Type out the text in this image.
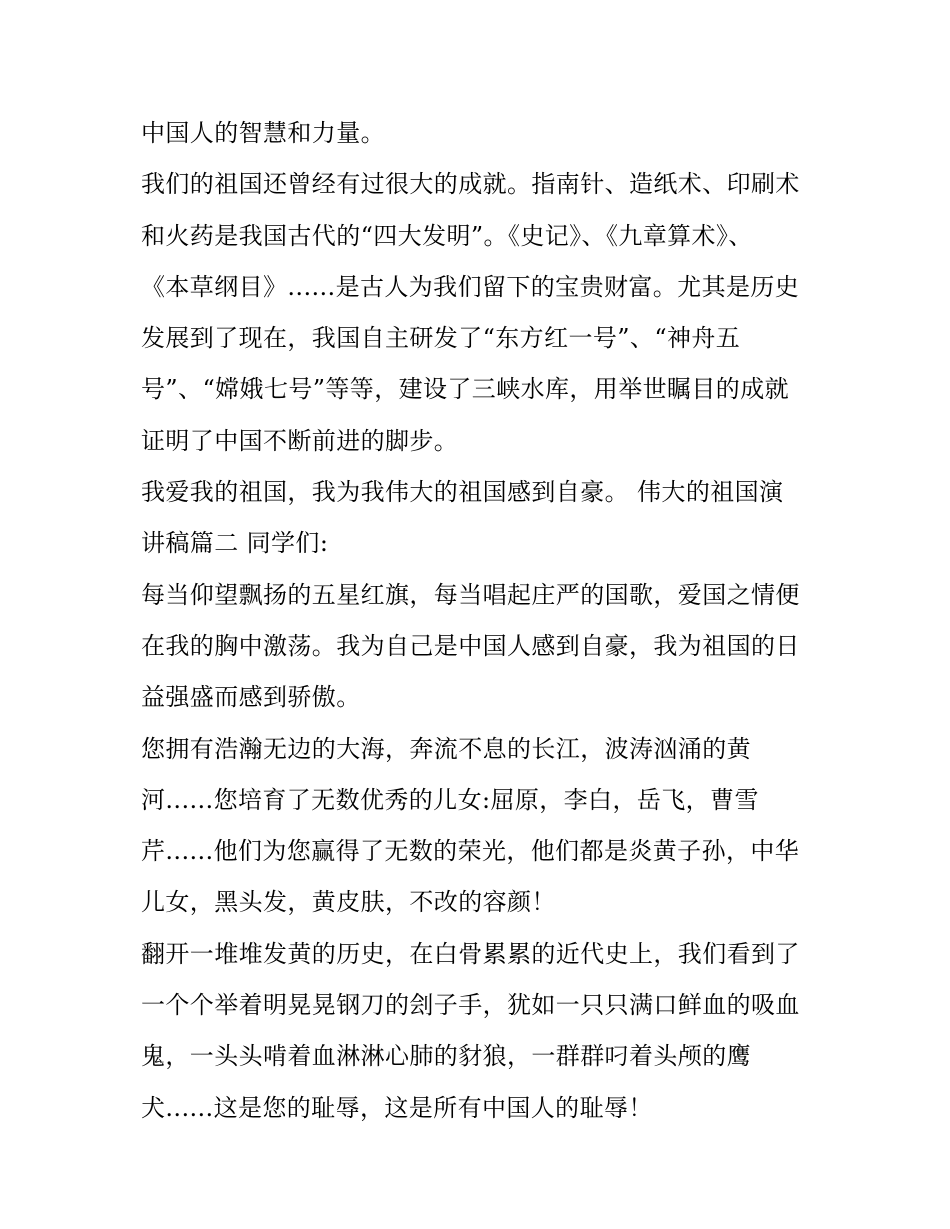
中国人的智慧和力量。
我们的祖国还曾经有过很大的成就。指南针、造纸术、印刷术
和火药是我国古代的“四大发明”。《史记》、《九章算术》、
《本草纲目》......是古人为我们留下的宝贵财富。尤其是历史
发展到了现在，我国自主研发了“东方红一号”、“神舟五
号”、“嫦娥七号”等等，建设了三峡水库，用举世瞩目的成就
证明了中国不断前进的脚步。
我爱我的祖国，我为我伟大的祖国感到自豪。 伟大的祖国演
讲稿篇二 同学们:
每当仰望飘扬的五星红旗，每当唱起庄严的国歌，爱国之情便
在我的胸中激荡。我为自己是中国人感到自豪，我为祖国的日
益强盛而感到骄傲。
您拥有浩瀚无边的大海，奔流不息的长江，波涛汹涌的黄
河......您培育了无数优秀的儿女:屈原，李白，岳飞，曹雪
芹......他们为您赢得了无数的荣光，他们都是炎黄子孙，中华
儿女，黑头发，黄皮肤，不改的容颜！
翻开一堆堆发黄的历史，在白骨累累的近代史上，我们看到了
一个个举着明晃晃钢刀的刽子手，犹如一只只满口鲜血的吸血
鬼，一头头啃着血淋淋心肺的豺狼，一群群叼着头颅的鹰
犬......这是您的耻辱，这是所有中国人的耻辱！
